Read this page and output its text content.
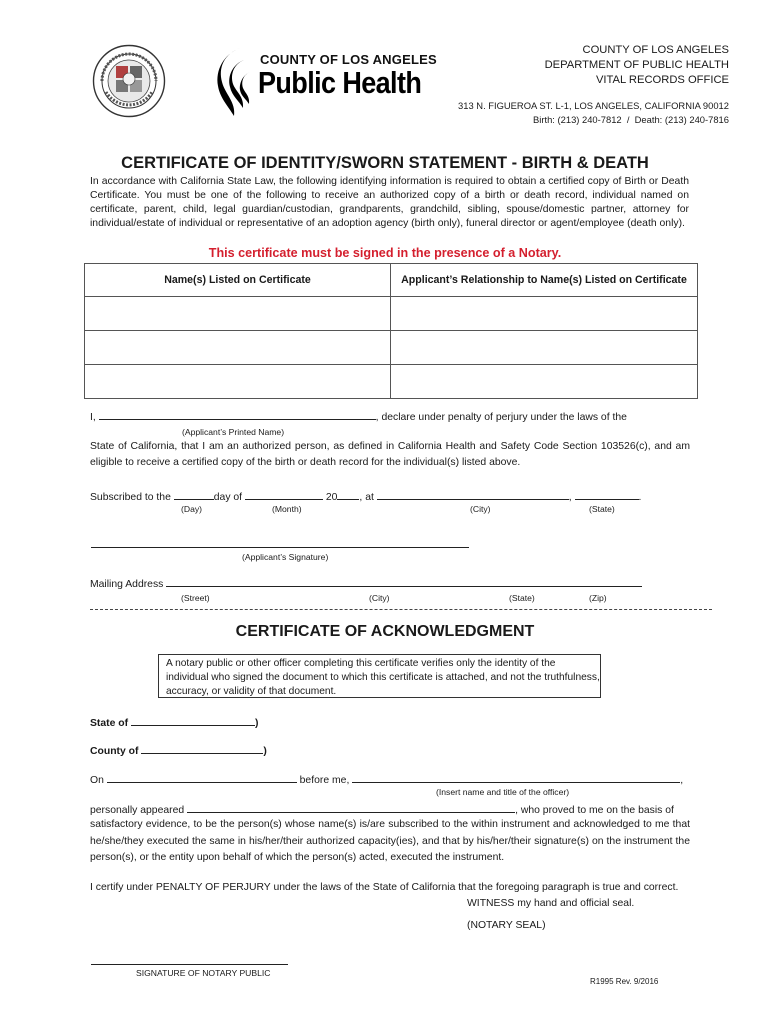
COUNTY OF LOS ANGELES
Public Health
COUNTY OF LOS ANGELES
DEPARTMENT OF PUBLIC HEALTH
VITAL RECORDS OFFICE
313 N. FIGUEROA ST. L-1, LOS ANGELES, CALIFORNIA 90012
Birth: (213) 240-7812  /  Death: (213) 240-7816
CERTIFICATE OF IDENTITY/SWORN STATEMENT - BIRTH & DEATH
In accordance with California State Law, the following identifying information is required to obtain a certified copy of Birth or Death Certificate. You must be one of the following to receive an authorized copy of a birth or death record, individual named on certificate, parent, child, legal guardian/custodian, grandparents, grandchild, sibling, spouse/domestic partner, attorney for individual/estate of individual or representative of an adoption agency (birth only), funeral director or agent/employee (death only).
This certificate must be signed in the presence of a Notary.
Name(s) Listed on Certificate	Applicant’s Relationship to Name(s) Listed on Certificate

I,	, declare under penalty of perjury under the laws of the
(Applicant’s Printed Name)
State of California, that I am an authorized person, as defined in California Health and Safety Code Section 103526(c), and am eligible to receive a certified copy of the birth or death record for the individual(s) listed above.
Subscribed to the	day of	20 , at	,	.
(Day)	(Month)	(City)	(State)
(Applicant’s Signature)
Mailing Address
(Street)	(City)	(State)	(Zip)
CERTIFICATE OF ACKNOWLEDGMENT
A notary public or other officer completing this certificate verifies only the identity of the individual who signed the document to which this certificate is attached, and not the truthfulness, accuracy, or validity of that document.
State of	)
County of	)
On	before me,	,
(Insert name and title of the officer)
personally appeared	, who proved to me on the basis of
satisfactory evidence, to be the person(s) whose name(s) is/are subscribed to the within instrument and acknowledged to me that he/she/they executed the same in his/her/their authorized capacity(ies), and that by his/her/their signature(s) on the instrument the person(s), or the entity upon behalf of which the person(s) acted, executed the instrument.
I certify under PENALTY OF PERJURY under the laws of the State of California that the foregoing paragraph is true and correct.
WITNESS my hand and official seal.
(NOTARY SEAL)
SIGNATURE OF NOTARY PUBLIC
R1995 Rev. 9/2016
